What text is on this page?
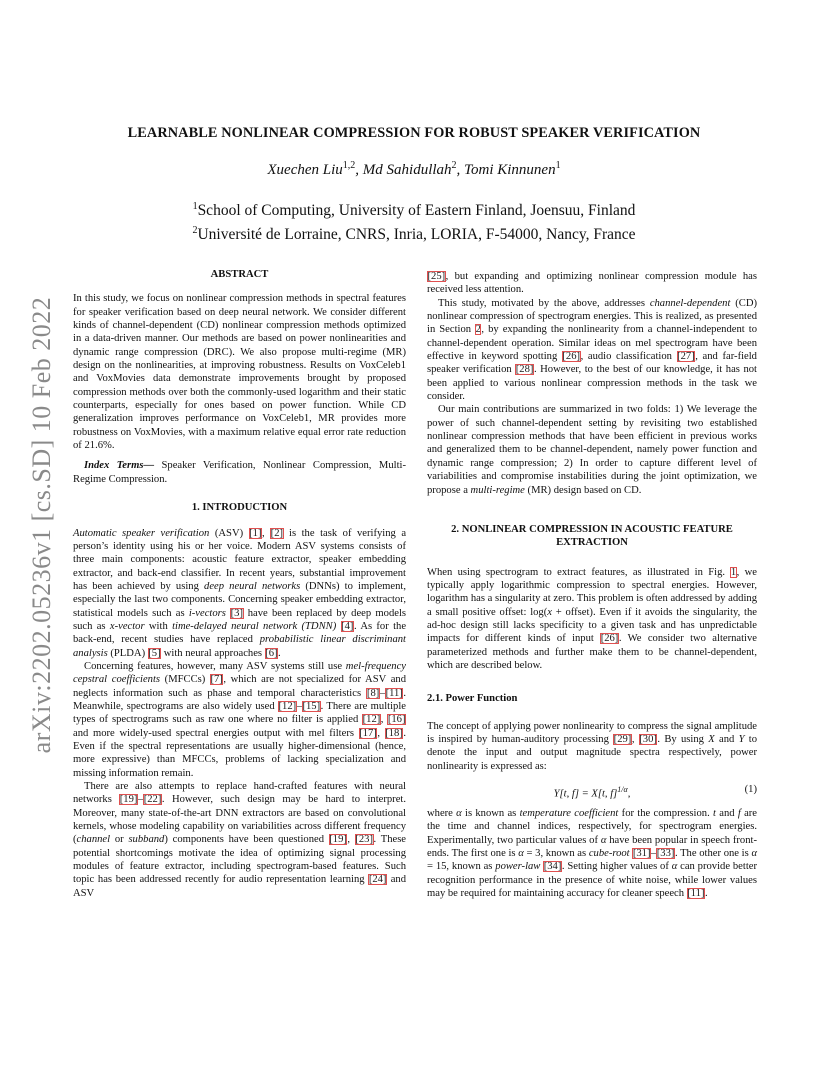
arXiv:2202.05236v1 [cs.SD] 10 Feb 2022
LEARNABLE NONLINEAR COMPRESSION FOR ROBUST SPEAKER VERIFICATION
Xuechen Liu$^{1,2}$, Md Sahidullah$^2$, Tomi Kinnunen$^1$
$^1$School of Computing, University of Eastern Finland, Joensuu, Finland
$^2$Université de Lorraine, CNRS, Inria, LORIA, F-54000, Nancy, France
ABSTRACT

In this study, we focus on nonlinear compression methods in spectral features for speaker verification based on deep neural network. We consider different kinds of channel-dependent (CD) nonlinear compression methods optimized in a data-driven manner. Our methods are based on power nonlinearities and dynamic range compression (DRC). We also propose multi-regime (MR) design on the nonlinearities, at improving robustness. Results on VoxCeleb1 and VoxMovies data demonstrate improvements brought by proposed compression methods over both the commonly-used logarithm and their static counterparts, especially for ones based on power function. While CD generalization improves performance on VoxCeleb1, MR provides more robustness on VoxMovies, with a maximum relative equal error rate reduction of 21.6%.

Index Terms— Speaker Verification, Nonlinear Compression, Multi-Regime Compression.

1. INTRODUCTION

Automatic speaker verification (ASV) [1], [2] is the task of verifying a person’s identity using his or her voice. Modern ASV systems consists of three main components: acoustic feature extractor, speaker embedding extractor, and back-end classifier. In recent years, substantial improvement has been achieved by using deep neural networks (DNNs) to implement, especially the last two components. Concerning speaker embedding extractor, statistical models such as i-vectors [3] have been replaced by deep models such as x-vector with time-delayed neural network (TDNN) [4]. As for the back-end, recent studies have replaced probabilistic linear discriminant analysis (PLDA) [5] with neural approaches [6].

Concerning features, however, many ASV systems still use mel-frequency cepstral coefficients (MFCCs) [7], which are not specialized for ASV and neglects information such as phase and temporal characteristics [8]–[11]. Meanwhile, spectrograms are also widely used [12]–[15]. There are multiple types of spectrograms such as raw one where no filter is applied [12], [16] and more widely-used spectral energies output with mel filters [17], [18]. Even if the spectral representations are usually higher-dimensional (hence, more expressive) than MFCCs, problems of lacking specialization and missing information remain.

There are also attempts to replace hand-crafted features with neural networks [19]–[22]. However, such design may be hard to interpret. Moreover, many state-of-the-art DNN extractors are based on convolutional kernels, whose modeling capability on variabilities across different frequency (channel or subband) components have been questioned [19], [23]. These potential shortcomings motivate the idea of optimizing signal processing modules of feature extractor, including spectrogram-based features. Such topic has been addressed recently for audio representation learning [24] and ASV

[25], but expanding and optimizing nonlinear compression module has received less attention.

This study, motivated by the above, addresses channel-dependent (CD) nonlinear compression of spectrogram energies. This is realized, as presented in Section 2, by expanding the nonlinearity from a channel-independent to channel-dependent operation. Similar ideas on mel spectrogram have been effective in keyword spotting [26], audio classification [27], and far-field speaker verification [28]. However, to the best of our knowledge, it has not been applied to various nonlinear compression methods in the task we consider.

Our main contributions are summarized in two folds: 1) We leverage the power of such channel-dependent setting by revisiting two established nonlinear compression methods that have been efficient in previous works and generalized them to be channel-dependent, namely power function and dynamic range compression; 2) In order to capture different level of variabilities and compromise instabilities during the joint optimization, we propose a multi-regime (MR) design based on CD.

2. NONLINEAR COMPRESSION IN ACOUSTIC FEATURE EXTRACTION

When using spectrogram to extract features, as illustrated in Fig. 1, we typically apply logarithmic compression to spectral energies. However, logarithm has a singularity at zero. This problem is often addressed by adding a small positive offset: log(x + offset). Even if it avoids the singularity, the ad-hoc design still lacks specificity to a given task and has unpredictable impacts for different kinds of input [26]. We consider two alternative parameterized methods and further make them to be channel-dependent, which are described below.

2.1. Power Function

The concept of applying power nonlinearity to compress the signal amplitude is inspired by human-auditory processing [29], [30]. By using X and Y to denote the input and output magnitude spectra respectively, power nonlinearity is expressed as:

Y[t, f] = X[t, f]$^{1/\alpha}$,	(1)

where α is known as temperature coefficient for the compression. t and f are the time and channel indices, respectively, for spectrogram energies. Experimentally, two particular values of α have been popular in speech front-ends. The first one is α = 3, known as cube-root [31]–[33]. The other one is α = 15, known as power-law [34]. Setting higher values of α can provide better recognition performance in the presence of white noise, while lower values may be required for maintaining accuracy for cleaner speech [11].
